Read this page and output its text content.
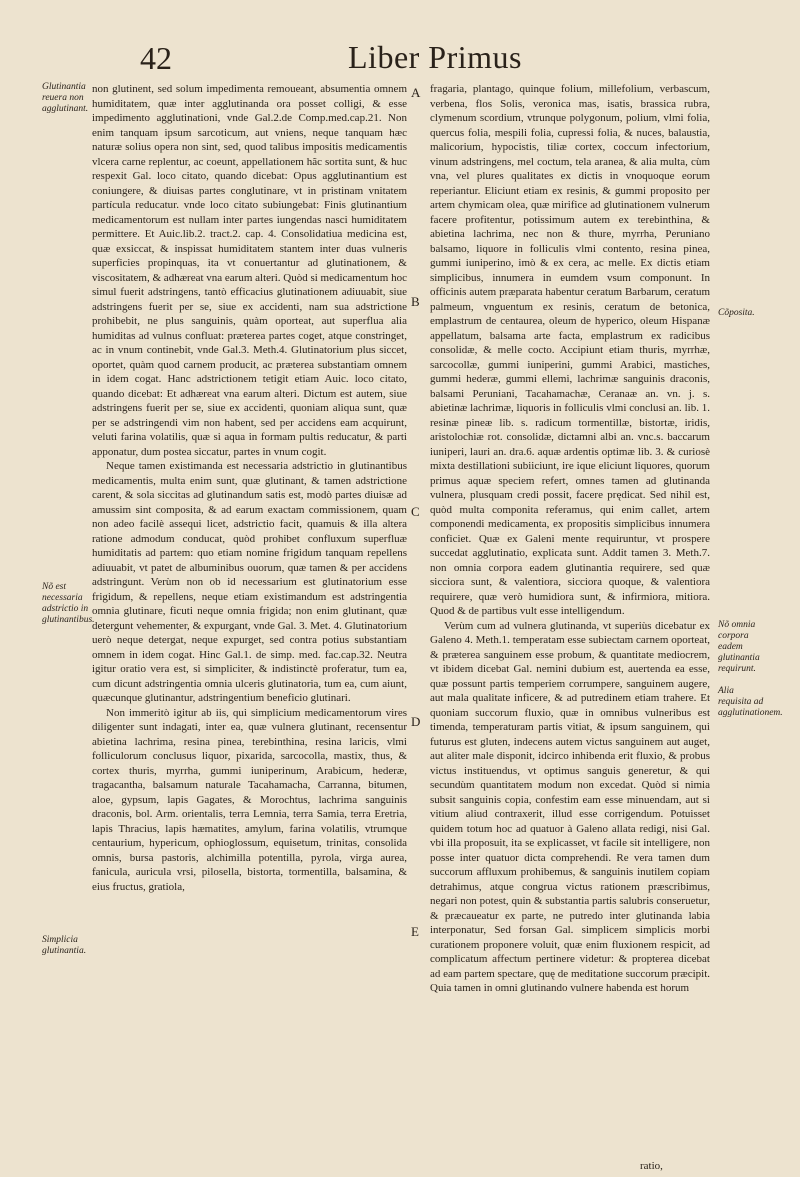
42	Liber Primus
Glutinantia reuera non agglutinant.
Nõ est necessaria adstrictio in glutinantibus.
Simplicia glutinantia.
A
B
C
D
E

non glutinent, sed solum impedimenta remoueant, absumentia omnem humiditatem, quæ inter agglutinanda ora posset colligi, & esse impedimento agglutinationi, vnde Gal.2.de Comp.med.cap.21. Non enim tanquam ipsum sarcoticum, aut vniens, neque tanquam hæc naturæ solius opera non sint, sed, quod talibus impositis medicamentis vlcera carne replentur, ac coeunt, appellationem hãc sortita sunt, & huc respexit Gal. loco citato, quando dicebat: Opus agglutinantium est coniungere, & diuisas partes conglutinare, vt in pristinam vnitatem partícula reducatur. vnde loco citato subiungebat: Finis glutinantium medicamentorum est nullam inter partes iungendas nasci humiditatem permittere. Et Auic.lib.2. tract.2. cap. 4. Consolidatiua medicina est, quæ exsiccat, & inspissat humiditatem stantem inter duas vulneris superficies propinquas, ita vt conuertantur ad glutinationem, & viscositatem, & adhæreat vna earum alteri. Quòd si medicamentum hoc simul fuerit adstringens, tantò efficacius glutinationem adiuuabit, siue adstringens fuerit per se, siue ex accidenti, nam sua adstrictione prohibebit, ne plus sanguinis, quàm oporteat, aut superflua alia humiditas ad vulnus confluat: præterea partes coget, atque constringet, ac in vnum continebit, vnde Gal.3. Meth.4. Glutinatorium plus siccet, oportet, quàm quod carnem producit, ac præterea substantiam omnem in idem cogat. Hanc adstrictionem tetigit etiam Auic. loco citato, quando dicebat: Et adhæreat vna earum alteri. Dictum est autem, siue adstringens fuerit per se, siue ex accidenti, quoniam aliqua sunt, quæ per se adstringendi vim non habent, sed per accidens eam acquirunt, veluti farina volatilis, quæ si aqua in formam pultis reducatur, & parti apponatur, dum postea siccatur, partes in vnum cogit.

Neque tamen existimanda est necessaria adstrictio in glutinantibus medicamentis, multa enim sunt, quæ glutinant, & tamen adstrictione carent, & sola siccitas ad glutinandum satis est, modò partes diuisæ ad amussim sint composita, & ad earum exactam commissionem, quam non adeo facilè assequi licet, adstrictio facit, quamuis & illa altera ratione admodum conducat, quòd prohibet confluxum superfluæ humiditatis ad partem: quo etiam nomine frigidum tanquam repellens adiuuabit, vt patet de albuminibus ouorum, quæ tamen & per accidens adstringunt. Verùm non ob id necessarium est glutinatorium esse frigidum, & repellens, neque etiam existimandum est adstringentia omnia glutinare, ficuti neque omnia frigida; non enim glutinant, quæ detergunt vehementer, & expurgant, vnde Gal. 3. Met. 4. Glutinatorium uerò neque detergat, neque expurget, sed contra potius substantiam omnem in idem cogat. Hinc Gal.1. de simp. med. fac.cap.32. Neutra igitur oratio vera est, si simpliciter, & indistinctè proferatur, tum ea, cum dicunt adstringentia omnia ulceris glutinatoria, tum ea, cum aiunt, quæcunque glutinantur, adstringentium beneficio glutinari.

Non immeritò igitur ab iis, qui simplicium medicamentorum vires diligenter sunt indagati, inter ea, quæ vulnera glutinant, recensentur abietina lachrima, resina pinea, terebinthina, resina laricis, vlmi folliculorum conclusus liquor, pixarida, sarcocolla, mastix, thus, & cortex thuris, myrrha, gummi iuniperinum, Arabicum, hederæ, tragacantha, balsamum naturale Tacahamacha, Carranna, bitumen, aloe, gypsum, lapis Gagates, & Morochtus, lachrima sanguinis draconis, bol. Arm. orientalis, terra Lemnia, terra Samia, terra Eretria, lapis Thracius, lapis hæmatites, amylum, farina volatilis, vtrumque centaurium, hypericum, ophioglossum, equisetum, trinitas, consolida omnis, bursa pastoris, alchimilla potentilla, pyrola, virga aurea, fanicula, auricula vrsi, pilosella, bistorta, tormentilla, balsamina, & eius fructus, gratiola,

fragaria, plantago, quinque folium, millefolium, verbascum, verbena, flos Solis, veronica mas, isatis, brassica rubra, clymenum scordium, vtrunque polygonum, polium, vlmi folia, quercus folia, mespili folia, cupressi folia, & nuces, balaustia, malicorium, hypocistis, tiliæ cortex, coccum infectorium, vinum adstringens, mel coctum, tela aranea, & alia multa, cùm vna, vel plures qualitates ex dictis in vnoquoque eorum reperiantur. Eliciunt etiam ex resinis, & gummi proposito per artem chymicam olea, quæ mirifice ad glutinationem vulnerum facere profitentur, potissimum autem ex terebinthina, & abietina lachrima, nec non & thure, myrrha, Peruniano balsamo, liquore in folliculis vlmi contento, resina pinea, gummi iuniperino, imò & ex cera, ac melle. Ex dictis etiam simplicibus, innumera in eumdem vsum componunt. In officinis autem præparata habentur ceratum Barbarum, ceratum palmeum, vnguentum ex resinis, ceratum de betonica, emplastrum de centaurea, oleum de hyperico, oleum Hispanæ appellatum, balsama arte facta, emplastrum ex radicibus consolidæ, & melle cocto. Accipiunt etiam thuris, myrrhæ, sarcocollæ, gummi iuniperini, gummi Arabici, mastiches, gummi hederæ, gummi ellemi, lachrimæ sanguinis draconis, balsami Peruniani, Tacahamachæ, Ceranaæ an. vn. j. s. abietinæ lachrimæ, liquoris in folliculis vlmi conclusi an. lib. 1. resinæ pineæ lib. s. radicum tormentillæ, bistortæ, iridis, aristolochiæ rot. consolidæ, dictamni albi an. vnc.s. baccarum iuniperi, lauri an. dra.6. aquæ ardentis optimæ lib. 3. & curiosè mixta destillationi subiiciunt, ire ique eliciunt liquores, quorum primus aquæ speciem refert, omnes tamen ad glutinanda vulnera, plusquam credi possit, facere prędicat. Sed nihil est, quòd multa componita referamus, qui enim callet, artem componendi medicamenta, ex propositis simplicibus innumera conficiet. Quæ ex Galeni mente requiruntur, vt prospere succedat agglutinatio, explicata sunt. Addit tamen 3. Meth.7. non omnia corpora eadem glutinantia requirere, sed quæ sicciora sunt, & valentiora, sicciora quoque, & valentiora requirere, quæ verò humidiora sunt, & infirmiora, mitiora. Quod & de partibus vult esse intelligendum.

Verùm cum ad vulnera glutinanda, vt superiùs dicebatur ex Galeno 4. Meth.1. temperatam esse subiectam carnem oporteat, & præterea sanguinem esse probum, & quantitate mediocrem, vt ibidem dicebat Gal. nemini dubium est, auertenda ea esse, quæ possunt partis temperiem corrumpere, sanguinem augere, aut mala qualitate inficere, & ad putredinem etiam trahere. Et quoniam succorum fluxio, quæ in omnibus vulneribus est timenda, temperaturam partis vitiat, & ipsum sanguinem, qui futurus est gluten, indecens autem victus sanguinem aut auget, aut aliter male disponit, idcirco inhibenda erit fluxio, & probus victus instituendus, vt optimus sanguis generetur, & qui secundùm quantitatem modum non excedat. Quòd si nimia subsit sanguinis copia, confestim eam esse minuendam, aut si vitium aliud contraxerit, illud esse corrigendum. Potuisset quidem totum hoc ad quatuor à Galeno allata redigi, nisi Gal. vbi illa proposuit, ita se explicasset, vt facile sit intelligere, non posse inter quatuor dicta comprehendi. Re vera tamen dum succorum affluxum prohibemus, & sanguinis inutilem copiam detrahimus, atque congrua victus rationem præscribimus, negari non potest, quin & substantia partis salubris conseruetur, & præcaueatur ex parte, ne putredo inter glutinanda labia interponatur, Sed forsan Gal. simplicem simplicis morbi curationem proponere voluit, quæ enim fluxionem respicit, ad complicatum affectum pertinere videtur: & propterea dicebat ad eam partem spectare, quę de meditatione succorum præcipit. Quia tamen in omni glutinando vulnere habenda est horum

Cõposita.
Nõ omnia corpora eadem glutinantia requirunt.
Alia requisita ad agglutinationem.
ratio,
